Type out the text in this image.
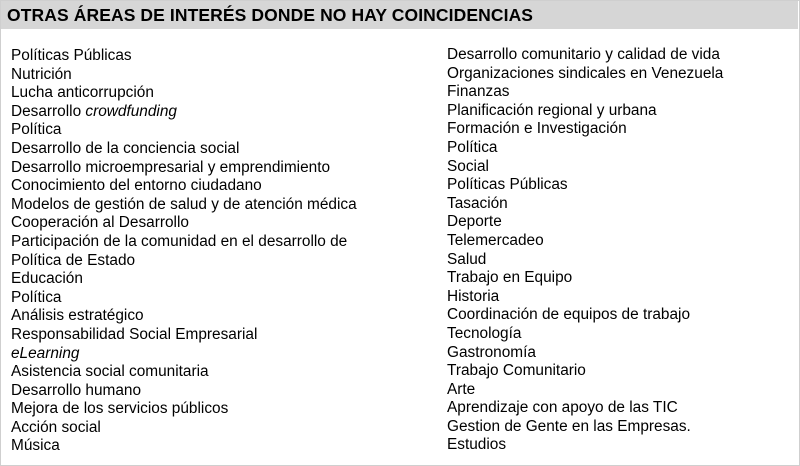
OTRAS ÁREAS DE INTERÉS DONDE NO HAY COINCIDENCIAS
Políticas Públicas
Nutrición
Lucha anticorrupción
Desarrollo crowdfunding
Política
Desarrollo de la conciencia social
Desarrollo microempresarial y emprendimiento
Conocimiento del entorno ciudadano
Modelos de gestión de salud y de atención médica
Cooperación al Desarrollo
Participación de la comunidad en el desarrollo de
Política de Estado
Educación
Política
Análisis estratégico
Responsabilidad Social Empresarial
eLearning
Asistencia social comunitaria
Desarrollo humano
Mejora de los servicios públicos
Acción social
Música
Desarrollo comunitario y calidad de vida
Organizaciones sindicales en Venezuela
Finanzas
Planificación regional y urbana
Formación e Investigación
Política
Social
Políticas Públicas
Tasación
Deporte
Telemercadeo
Salud
Trabajo en Equipo
Historia
Coordinación de equipos de trabajo
Tecnología
Gastronomía
Trabajo Comunitario
Arte
Aprendizaje con apoyo de las TIC
Gestion de Gente en las Empresas.
Estudios
